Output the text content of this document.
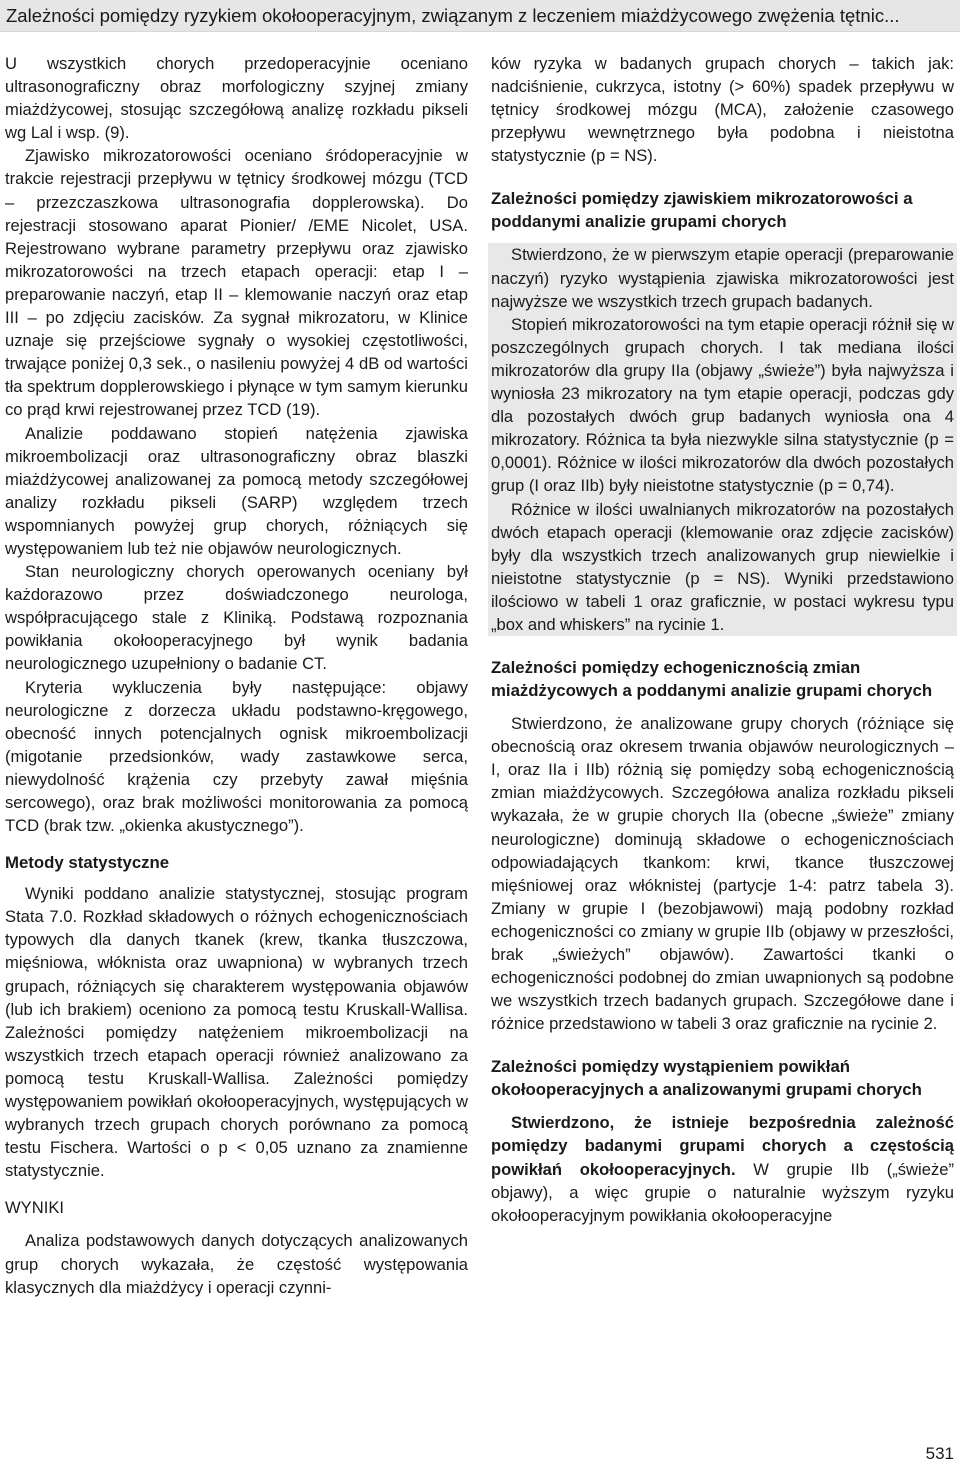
Zależności pomiędzy ryzykiem okołooperacyjnym, związanym z leczeniem miażdżycowego zwężenia tętnic...

U wszystkich chorych przedoperacyjnie oceniano ultrasonograficzny obraz morfologiczny szyjnej zmiany miażdżycowej, stosując szczegółową analizę rozkładu pikseli wg Lal i wsp. (9).

Zjawisko mikrozatorowości oceniano śródoperacyjnie w trakcie rejestracji przepływu w tętnicy środkowej mózgu (TCD – przezczaszkowa ultrasonografia dopplerowska). Do rejestracji stosowano aparat Pionier/ /EME Nicolet, USA. Rejestrowano wybrane parametry przepływu oraz zjawisko mikrozatorowości na trzech etapach operacji: etap I – preparowanie naczyń, etap II – klemowanie naczyń oraz etap III – po zdjęciu zacisków. Za sygnał mikrozatoru, w Klinice uznaje się przejściowe sygnały o wysokiej częstotliwości, trwające poniżej 0,3 sek., o nasileniu powyżej 4 dB od wartości tła spektrum dopplerowskiego i płynące w tym samym kierunku co prąd krwi rejestrowanej przez TCD (19).

Analizie poddawano stopień natężenia zjawiska mikroembolizacji oraz ultrasonograficzny obraz blaszki miażdżycowej analizowanej za pomocą metody szczegółowej analizy rozkładu pikseli (SARP) względem trzech wspomnianych powyżej grup chorych, różniących się występowaniem lub też nie objawów neurologicznych.

Stan neurologiczny chorych operowanych oceniany był każdorazowo przez doświadczonego neurologa, współpracującego stale z Kliniką. Podstawą rozpoznania powikłania okołooperacyjnego był wynik badania neurologicznego uzupełniony o badanie CT.

Kryteria wykluczenia były następujące: objawy neurologiczne z dorzecza układu podstawno-kręgowego, obecność innych potencjalnych ognisk mikroembolizacji (migotanie przedsionków, wady zastawkowe serca, niewydolność krążenia czy przebyty zawał mięśnia sercowego), oraz brak możliwości monitorowania za pomocą TCD (brak tzw. „okienka akustycznego”).

Metody statystyczne

Wyniki poddano analizie statystycznej, stosując program Stata 7.0. Rozkład składowych o różnych echogenicznościach typowych dla danych tkanek (krew, tkanka tłuszczowa, mięśniowa, włóknista oraz uwapniona) w wybranych trzech grupach, różniących się charakterem występowania objawów (lub ich brakiem) oceniono za pomocą testu Kruskall-Wallisa. Zależności pomiędzy natężeniem mikroembolizacji na wszystkich trzech etapach operacji również analizowano za pomocą testu Kruskall-Wallisa. Zależności pomiędzy występowaniem powikłań okołooperacyjnych, występujących w wybranych trzech grupach chorych porównano za pomocą testu Fischera. Wartości o p < 0,05 uznano za znamienne statystycznie.

WYNIKI

Analiza podstawowych danych dotyczących analizowanych grup chorych wykazała, że częstość występowania klasycznych dla miażdżycy i operacji czynni-

ków ryzyka w badanych grupach chorych – takich jak: nadciśnienie, cukrzyca, istotny (> 60%) spadek przepływu w tętnicy środkowej mózgu (MCA), założenie czasowego przepływu wewnętrznego była podobna i nieistotna statystycznie (p = NS).

Zależności pomiędzy zjawiskiem mikrozatorowości a poddanymi analizie grupami chorych

Stwierdzono, że w pierwszym etapie operacji (preparowanie naczyń) ryzyko wystąpienia zjawiska mikrozatorowości jest najwyższe we wszystkich trzech grupach badanych.

Stopień mikrozatorowości na tym etapie operacji różnił się w poszczególnych grupach chorych. I tak mediana ilości mikrozatorów dla grupy IIa (objawy „świeże”) była najwyższa i wyniosła 23 mikrozatory na tym etapie operacji, podczas gdy dla pozostałych dwóch grup badanych wyniosła ona 4 mikrozatory. Różnica ta była niezwykle silna statystycznie (p = 0,0001). Różnice w ilości mikrozatorów dla dwóch pozostałych grup (I oraz IIb) były nieistotne statystycznie (p = 0,74).

Różnice w ilości uwalnianych mikrozatorów na pozostałych dwóch etapach operacji (klemowanie oraz zdjęcie zacisków) były dla wszystkich trzech analizowanych grup niewielkie i nieistotne statystycznie (p = NS). Wyniki przedstawiono ilościowo w tabeli 1 oraz graficznie, w postaci wykresu typu „box and whiskers” na rycinie 1.

Zależności pomiędzy echogenicznością zmian miażdżycowych a poddanymi analizie grupami chorych

Stwierdzono, że analizowane grupy chorych (różniące się obecnością oraz okresem trwania objawów neurologicznych – I, oraz IIa i IIb) różnią się pomiędzy sobą echogenicznością zmian miażdżycowych. Szczegółowa analiza rozkładu pikseli wykazała, że w grupie chorych IIa (obecne „świeże” zmiany neurologiczne) dominują składowe o echogenicznościach odpowiadających tkankom: krwi, tkance tłuszczowej mięśniowej oraz włóknistej (partycje 1-4: patrz tabela 3). Zmiany w grupie I (bezobjawowi) mają podobny rozkład echogeniczności co zmiany w grupie IIb (objawy w przeszłości, brak „świeżych” objawów). Zawartości tkanki o echogeniczności podobnej do zmian uwapnionych są podobne we wszystkich trzech badanych grupach. Szczegółowe dane i różnice przedstawiono w tabeli 3 oraz graficznie na rycinie 2.

Zależności pomiędzy wystąpieniem powikłań okołooperacyjnych a analizowanymi grupami chorych

Stwierdzono, że istnieje bezpośrednia zależność pomiędzy badanymi grupami chorych a częstością powikłań okołooperacyjnych. W grupie IIb („świeże” objawy), a więc grupie o naturalnie wyższym ryzyku okołooperacyjnym powikłania okołooperacyjne

531
